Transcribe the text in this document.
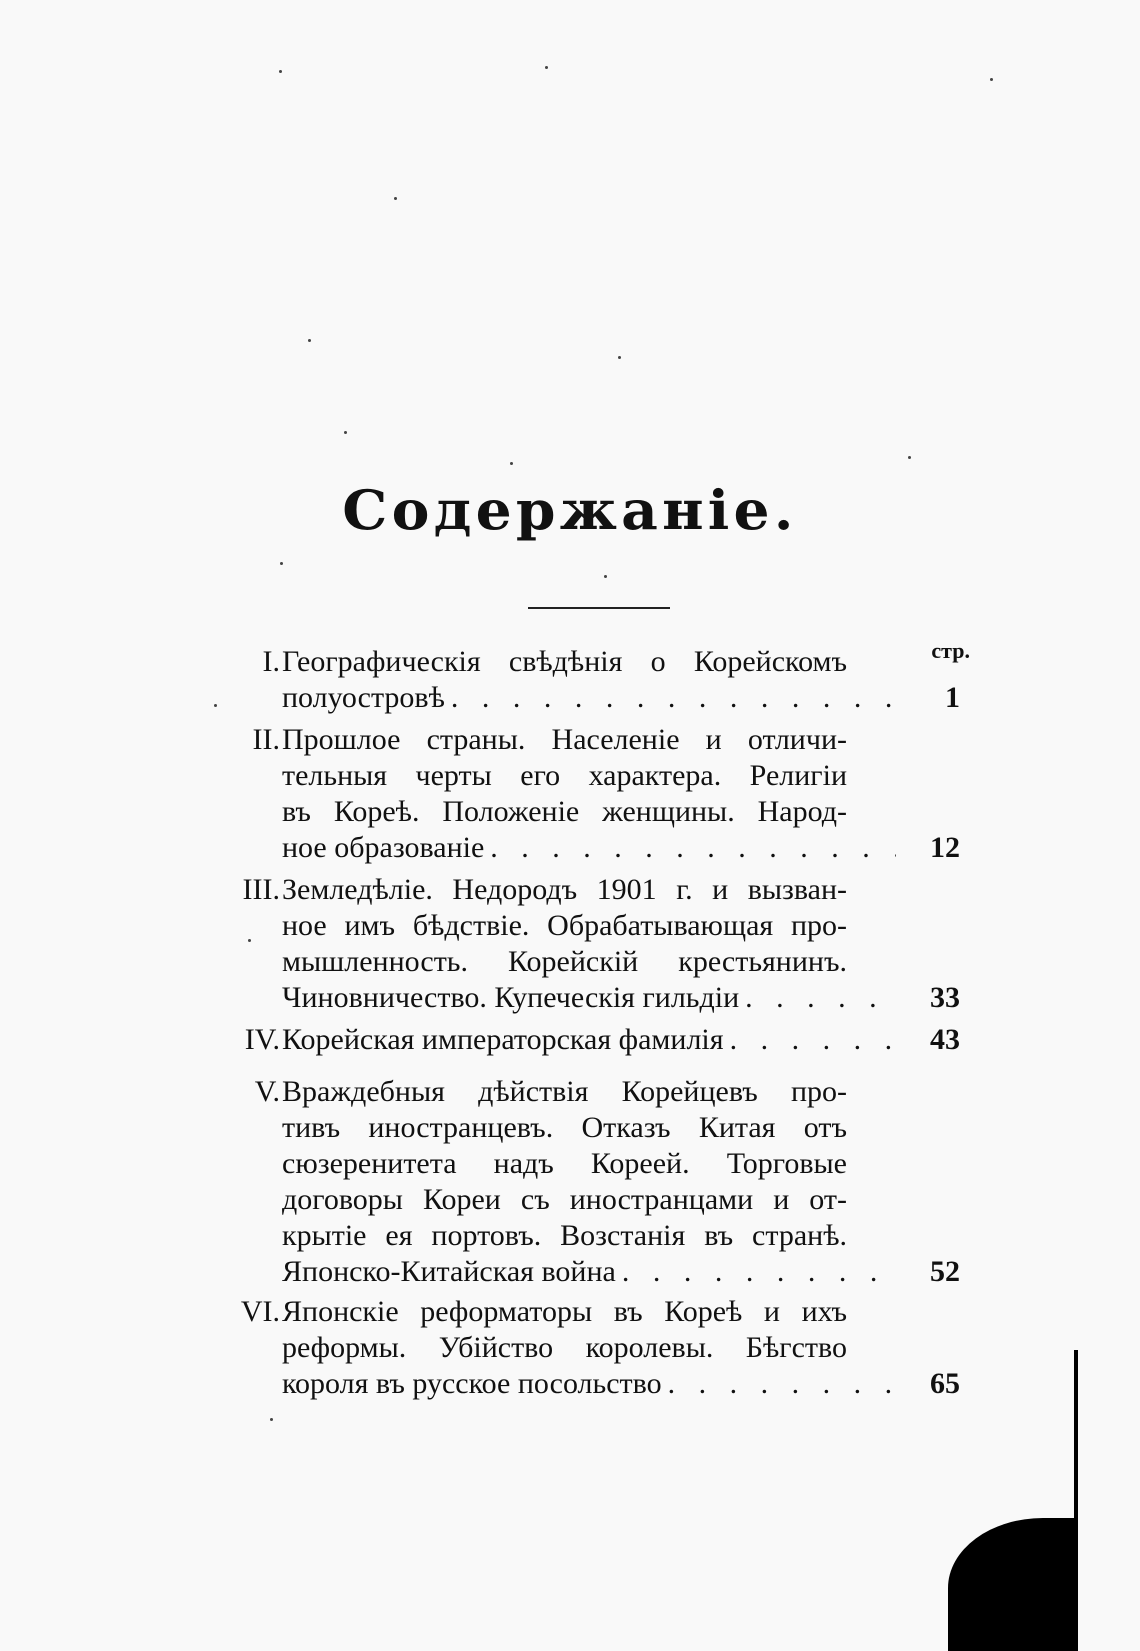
Содержаніе.
стр.
I. Географическія свѣдѣнія о Корейскомъ
полуостровѣ . . .	1
II. Прошлое страны. Населеніе и отличи-
тельныя черты его характера. Религіи
въ Кореѣ. Положеніе женщины. Народ-
ное образованіе . . .	12
III. Земледѣліе. Недородъ 1901 г. и вызван-
ное имъ бѣдствіе. Обрабатывающая про-
мышленность. Корейскій крестьянинъ.
Чиновничество. Купеческія гильдіи . . .	33
IV. Корейская императорская фамилія . . .	43
V. Враждебныя дѣйствія Корейцевъ про-
тивъ иностранцевъ. Отказъ Китая отъ
сюзеренитета надъ Кореей. Торговые
договоры Кореи съ иностранцами и от-
крытіе ея портовъ. Возстанія въ странѣ.
Японско-Китайская война . . .	52
VI. Японскіе реформаторы въ Кореѣ и ихъ
реформы. Убійство королевы. Бѣгство
короля въ русское посольство . . .	65
